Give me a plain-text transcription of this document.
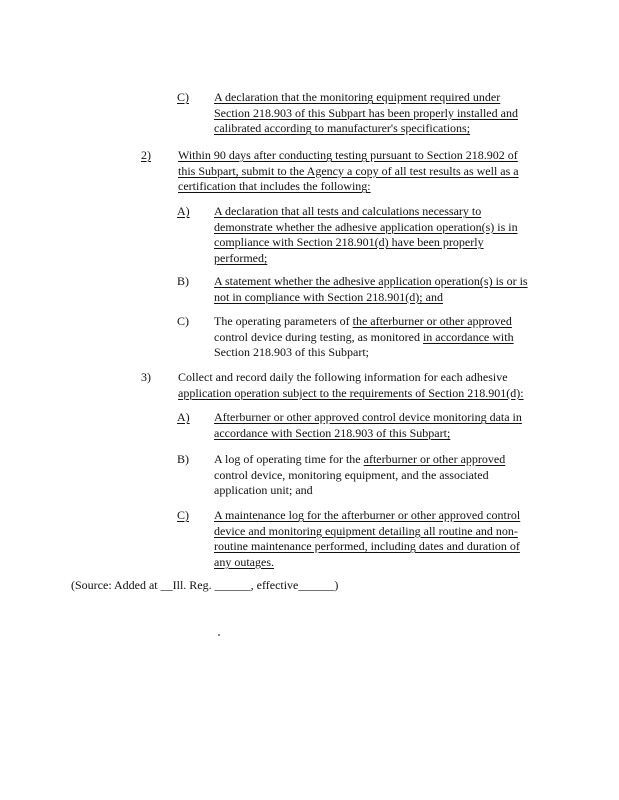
C) A declaration that the monitoring equipment required under
Section 218.903 of this Subpart has been properly installed and
calibrated according to manufacturer's specifications;
2) Within 90 days after conducting testing pursuant to Section 218.902 of
this Subpart, submit to the Agency a copy of all test results as well as a
certification that includes the following:
A) A declaration that all tests and calculations necessary to
demonstrate whether the adhesive application operation(s) is in
compliance with Section 218.901(d) have been properly
performed;
B) A statement whether the adhesive application operation(s) is or is
not in compliance with Section 218.901(d); and
C) The operating parameters of the afterburner or other approved
control device during testing, as monitored in accordance with
Section 218.903 of this Subpart;
3) Collect and record daily the following information for each adhesive
application operation subject to the requirements of Section 218.901(d):
A) Afterburner or other approved control device monitoring data in
accordance with Section 218.903 of this Subpart;
B) A log of operating time for the afterburner or other approved
control device, monitoring equipment, and the associated
application unit; and
C) A maintenance log for the afterburner or other approved control
device and monitoring equipment detailing all routine and non-
routine maintenance performed, including dates and duration of
any outages.
(Source: Added at __Ill. Reg. ______, effective______)
